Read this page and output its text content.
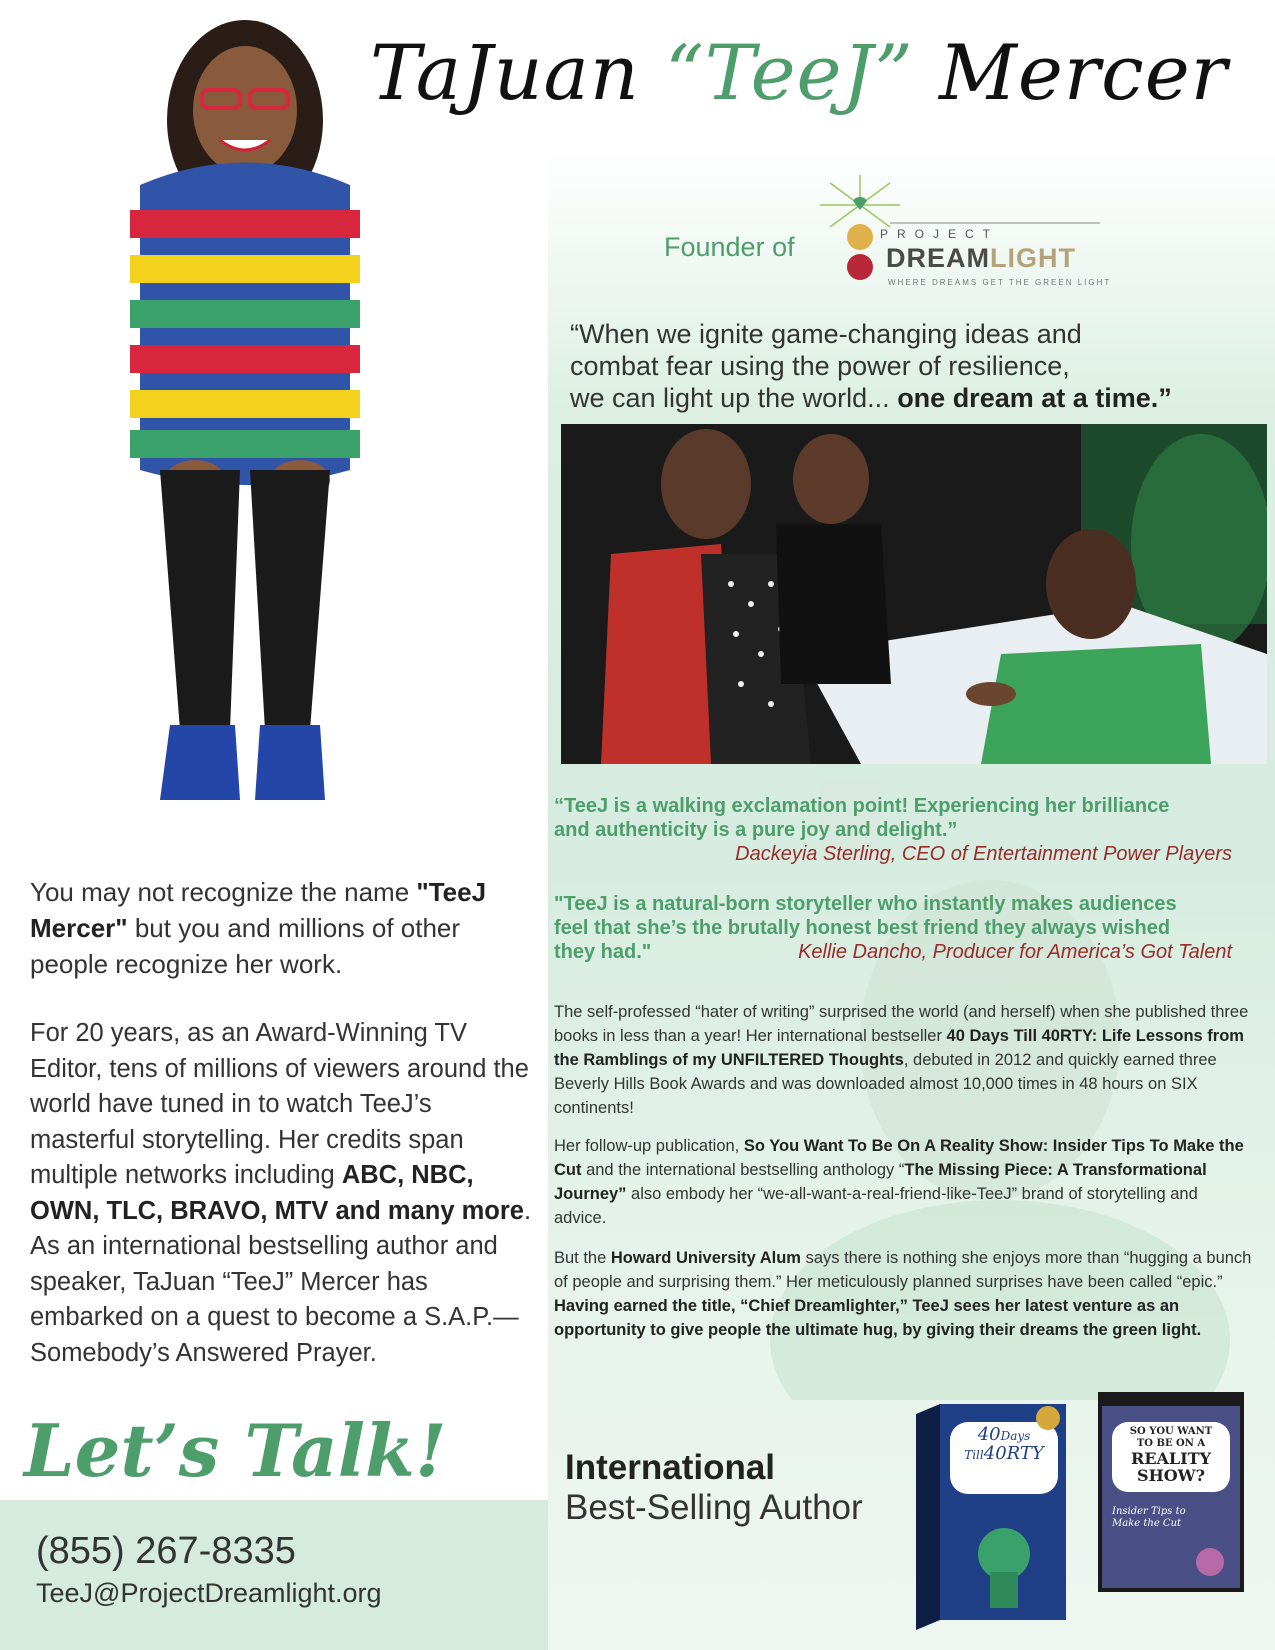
TaJuan “TeeJ” Mercer
Founder of	PROJECT
DREAMLIGHT
WHERE DREAMS GET THE GREEN LIGHT
“When we ignite game-changing ideas and
combat fear using the power of resilience,
we can light up the world... one dream at a time.”
“TeeJ is a walking exclamation point! Experiencing her brilliance
and authenticity is a pure joy and delight.”
Dackeyia Sterling, CEO of Entertainment Power Players
"TeeJ is a natural-born storyteller who instantly makes audiences
feel that she’s the brutally honest best friend they always wished
they had."	Kellie Dancho, Producer for America’s Got Talent
The self-professed “hater of writing” surprised the world (and herself) when she published three books in less than a year! Her international bestseller 40 Days Till 40RTY: Life Lessons from the Ramblings of my UNFILTERED Thoughts, debuted in 2012 and quickly earned three Beverly Hills Book Awards and was downloaded almost 10,000 times in 48 hours on SIX continents!
Her follow-up publication, So You Want To Be On A Reality Show: Insider Tips To Make the Cut and the international bestselling anthology “The Missing Piece: A Transformational Journey” also embody her “we-all-want-a-real-friend-like-TeeJ” brand of storytelling and advice.
But the Howard University Alum says there is nothing she enjoys more than “hugging a bunch of people and surprising them.” Her meticulously planned surprises have been called “epic.” Having earned the title, “Chief Dreamlighter,” TeeJ sees her latest venture as an opportunity to give people the ultimate hug, by giving their dreams the green light.
You may not recognize the name "TeeJ Mercer" but you and millions of other people recognize her work.
For 20 years, as an Award-Winning TV Editor, tens of millions of viewers around the world have tuned in to watch TeeJ’s masterful storytelling. Her credits span multiple networks including ABC, NBC, OWN, TLC, BRAVO, MTV and many more. As an international bestselling author and speaker, TaJuan “TeeJ” Mercer has embarked on a quest to become a S.A.P.—Somebody’s Answered Prayer.
Let’s Talk!
(855) 267-8335
TeeJ@ProjectDreamlight.org
International
Best-Selling Author
40Days
Till40RTY
SO YOU WANT
TO BE ON A
REALITY
SHOW?
Insider Tips to Make the Cut
